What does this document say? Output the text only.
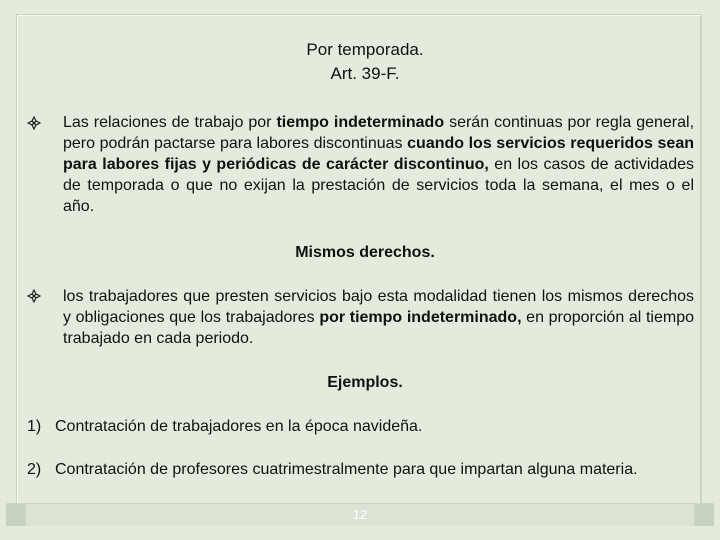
12
Por temporada.
Art. 39-F.
Las relaciones de trabajo por tiempo indeterminado serán continuas por regla general, pero podrán pactarse para labores discontinuas cuando los servicios requeridos sean para labores fijas y periódicas de carácter discontinuo, en los casos de actividades de temporada o que no exijan la prestación de servicios toda la semana, el mes o el año.
Mismos derechos.
los trabajadores que presten servicios bajo esta modalidad tienen los mismos derechos y obligaciones que los trabajadores por tiempo indeterminado, en proporción al tiempo trabajado en cada periodo.
Ejemplos.
1) Contratación de trabajadores en la época navideña.
2) Contratación de profesores cuatrimestralmente para que impartan alguna materia.
